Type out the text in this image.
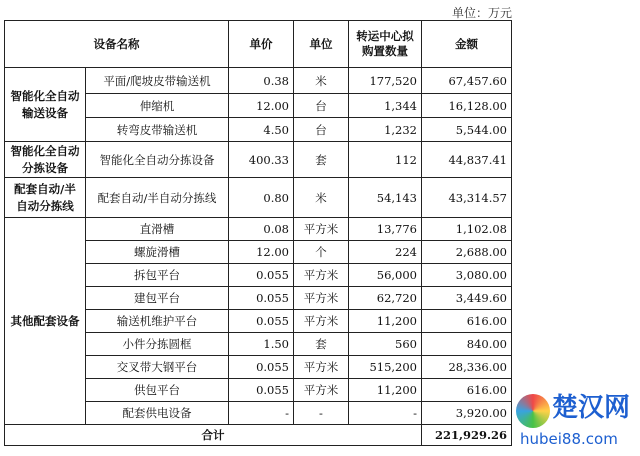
单位：万元
设备名称		单价	单位	转运中心拟购置数量	金额
智能化全自动输送设备	平面/爬坡皮带输送机	0.38	米	177,520	67,457.60
	伸缩机	12.00	台	1,344	16,128.00
	转弯皮带输送机	4.50	台	1,232	5,544.00
智能化全自动分拣设备	智能化全自动分拣设备	400.33	套	112	44,837.41
配套自动/半自动分拣线	配套自动/半自动分拣线	0.80	米	54,143	43,314.57
其他配套设备	直滑槽	0.08	平方米	13,776	1,102.08
	螺旋滑槽	12.00	个	224	2,688.00
	拆包平台	0.055	平方米	56,000	3,080.00
	建包平台	0.055	平方米	62,720	3,449.60
	输送机维护平台	0.055	平方米	11,200	616.00
	小件分拣圆框	1.50	套	560	840.00
	交叉带大钢平台	0.055	平方米	515,200	28,336.00
	供包平台	0.055	平方米	11,200	616.00
	配套供电设备	-	-	-	3,920.00
合计					221,929.26
楚汉网
hubei88.com
